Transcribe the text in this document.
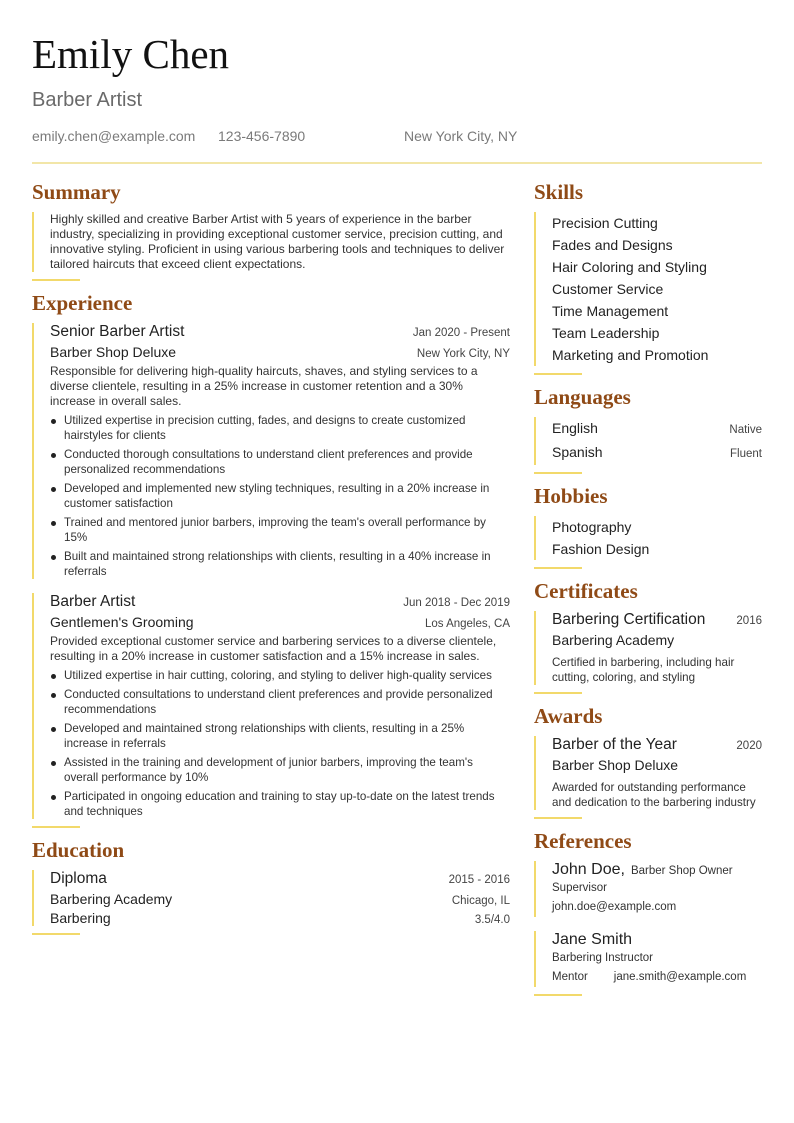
Emily Chen
Barber Artist
emily.chen@example.com 123-456-7890	New York City, NY
Summary

Highly skilled and creative Barber Artist with 5 years of experience in the barber industry, specializing in providing exceptional customer service, precision cutting, and innovative styling. Proficient in using various barbering tools and techniques to deliver tailored haircuts that exceed client expectations.

Experience
Senior Barber Artist	Jan 2020 - Present
Barber Shop Deluxe	New York City, NY

Responsible for delivering high-quality haircuts, shaves, and styling services to a diverse clientele, resulting in a 25% increase in customer retention and a 30% increase in overall sales.

Utilized expertise in precision cutting, fades, and designs to create customized hairstyles for clients
Conducted thorough consultations to understand client preferences and provide personalized recommendations
Developed and implemented new styling techniques, resulting in a 20% increase in customer satisfaction
Trained and mentored junior barbers, improving the team's overall performance by 15%
Built and maintained strong relationships with clients, resulting in a 40% increase in referrals
Barber Artist	Jun 2018 - Dec 2019
Gentlemen's Grooming	Los Angeles, CA

Provided exceptional customer service and barbering services to a diverse clientele, resulting in a 20% increase in customer satisfaction and a 15% increase in sales.

Utilized expertise in hair cutting, coloring, and styling to deliver high-quality services
Conducted consultations to understand client preferences and provide personalized recommendations
Developed and maintained strong relationships with clients, resulting in a 25% increase in referrals
Assisted in the training and development of junior barbers, improving the team's overall performance by 10%
Participated in ongoing education and training to stay up-to-date on the latest trends and techniques
Education
Diploma	2015 - 2016
Barbering Academy	Chicago, IL
Barbering	3.5/4.0
Skills
Precision Cutting
Fades and Designs
Hair Coloring and Styling
Customer Service
Time Management
Team Leadership
Marketing and Promotion
Languages
English	Native
Spanish	Fluent
Hobbies
Photography
Fashion Design
Certificates
Barbering Certification	2016
Barbering Academy
Certified in barbering, including hair cutting, coloring, and styling
Awards
Barber of the Year	2020
Barber Shop Deluxe
Awarded for outstanding performance and dedication to the barbering industry
References
John Doe, Barber Shop Owner
Supervisor
john.doe@example.com
Jane Smith
Barbering Instructor
Mentor jane.smith@example.com
